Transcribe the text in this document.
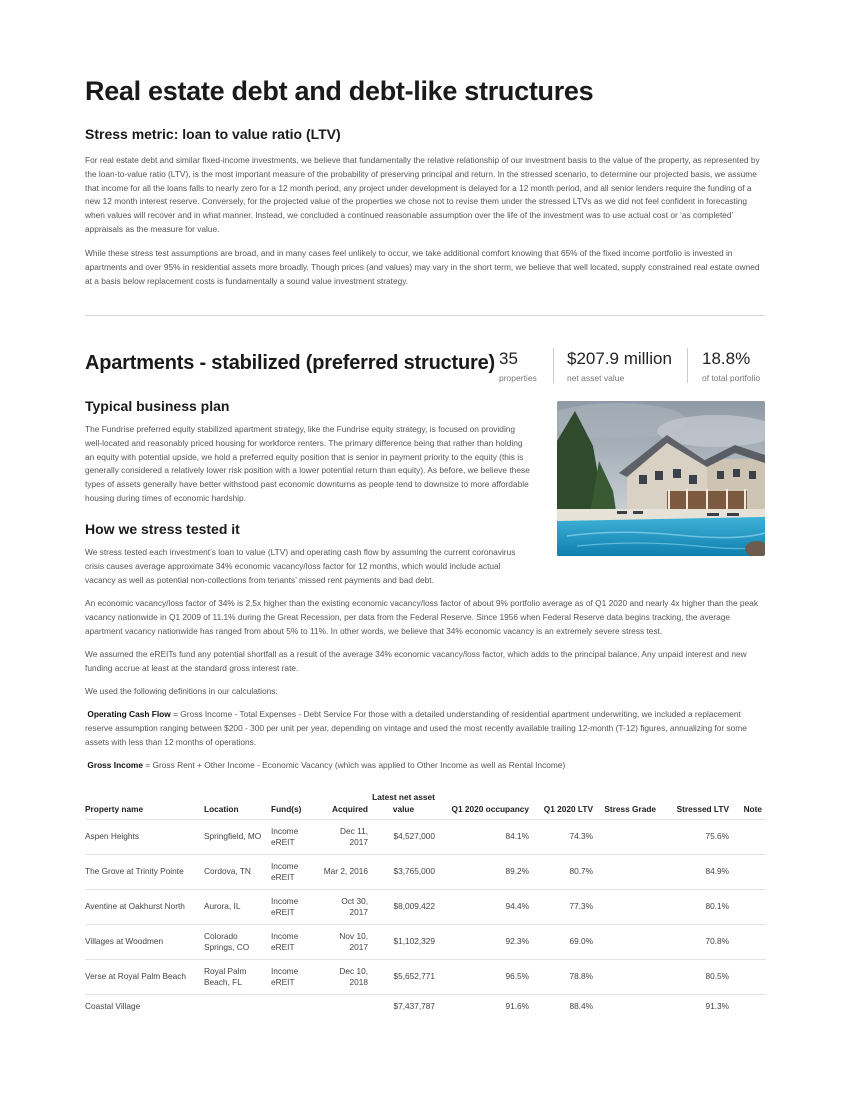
Real estate debt and debt-like structures
Stress metric: loan to value ratio (LTV)

For real estate debt and similar fixed-income investments, we believe that fundamentally the relative relationship of our investment basis to the value of the property, as represented by the loan-to-value ratio (LTV), is the most important measure of the probability of preserving principal and return. In the stressed scenario, to determine our projected basis, we assume that income for all the loans falls to nearly zero for a 12 month period, any project under development is delayed for a 12 month period, and all senior lenders require the funding of a new 12 month interest reserve. Conversely, for the projected value of the properties we chose not to revise them under the stressed LTVs as we did not feel confident in forecasting when values will recover and in what manner. Instead, we concluded a continued reasonable assumption over the life of the investment was to use actual cost or ‘as completed’ appraisals as the measure for value.

While these stress test assumptions are broad, and in many cases feel unlikely to occur, we take additional comfort knowing that 65% of the fixed income portfolio is invested in apartments and over 95% in residential assets more broadly. Though prices (and values) may vary in the short term, we believe that well located, supply constrained real estate owned at a basis below replacement costs is fundamentally a sound value investment strategy.

Apartments - stabilized (preferred structure) 35
properties
$207.9 million
net asset value
18.8%
of total portfolio
Typical business plan

The Fundrise preferred equity stabilized apartment strategy, like the Fundrise equity strategy, is focused on providing well-located and reasonably priced housing for workforce renters. The primary difference being that rather than holding an equity with potential upside, we hold a preferred equity position that is senior in payment priority to the equity (this is generally considered a relatively lower risk position with a lower potential return than equity). As before, we believe these types of assets generally have better withstood past economic downturns as people tend to downsize to more affordable housing during times of economic hardship.

How we stress tested it

We stress tested each investment’s loan to value (LTV) and operating cash flow by assuming the current coronavirus crisis causes average approximate 34% economic vacancy/loss factor for 12 months, which would include actual vacancy as well as potential non-collections from tenants’ missed rent payments and bad debt.

An economic vacancy/loss factor of 34% is 2.5x higher than the existing economic vacancy/loss factor of about 9% portfolio average as of Q1 2020 and nearly 4x higher than the peak vacancy nationwide in Q1 2009 of 11.1% during the Great Recession, per data from the Federal Reserve. Since 1956 when Federal Reserve data begins tracking, the average apartment vacancy nationwide has ranged from about 5% to 11%. In other words, we believe that 34% economic vacancy is an extremely severe stress test.

We assumed the eREITs fund any potential shortfall as a result of the average 34% economic vacancy/loss factor, which adds to the principal balance. Any unpaid interest and new funding accrue at least at the standard gross interest rate.

We used the following definitions in our calculations:

Operating Cash Flow = Gross Income - Total Expenses - Debt Service For those with a detailed understanding of residential apartment underwriting, we included a replacement reserve assumption ranging between $200 - 300 per unit per year, depending on vintage and used the most recently available trailing 12-month (T-12) figures, annualizing for some assets with less than 12 months of operations.

Gross Income = Gross Rent + Other Income - Economic Vacancy (which was applied to Other Income as well as Rental Income)

Property name	Location	Fund(s)	Acquired	Latest net asset value	Q1 2020 occupancy	Q1 2020 LTV	Stress Grade	Stressed LTV	Note
Aspen Heights	Springfield, MO	Income eREIT	Dec 11, 2017	$4,527,000	84.1%	74.3%		75.6%	
The Grove at Trinity Pointe	Cordova, TN	Income eREIT	Mar 2, 2016	$3,765,000	89.2%	80.7%		84.9%	
Aventine at Oakhurst North	Aurora, IL	Income eREIT	Oct 30, 2017	$8,009,422	94.4%	77.3%		80.1%	
Villages at Woodmen	Colorado Springs, CO	Income eREIT	Nov 10, 2017	$1,102,329	92.3%	69.0%		70.8%	
Verse at Royal Palm Beach	Royal Palm Beach, FL	Income eREIT	Dec 10, 2018	$5,652,771	96.5%	78.8%		80.5%	
Coastal Village				$7,437,787	91.6%	88.4%		91.3%	
